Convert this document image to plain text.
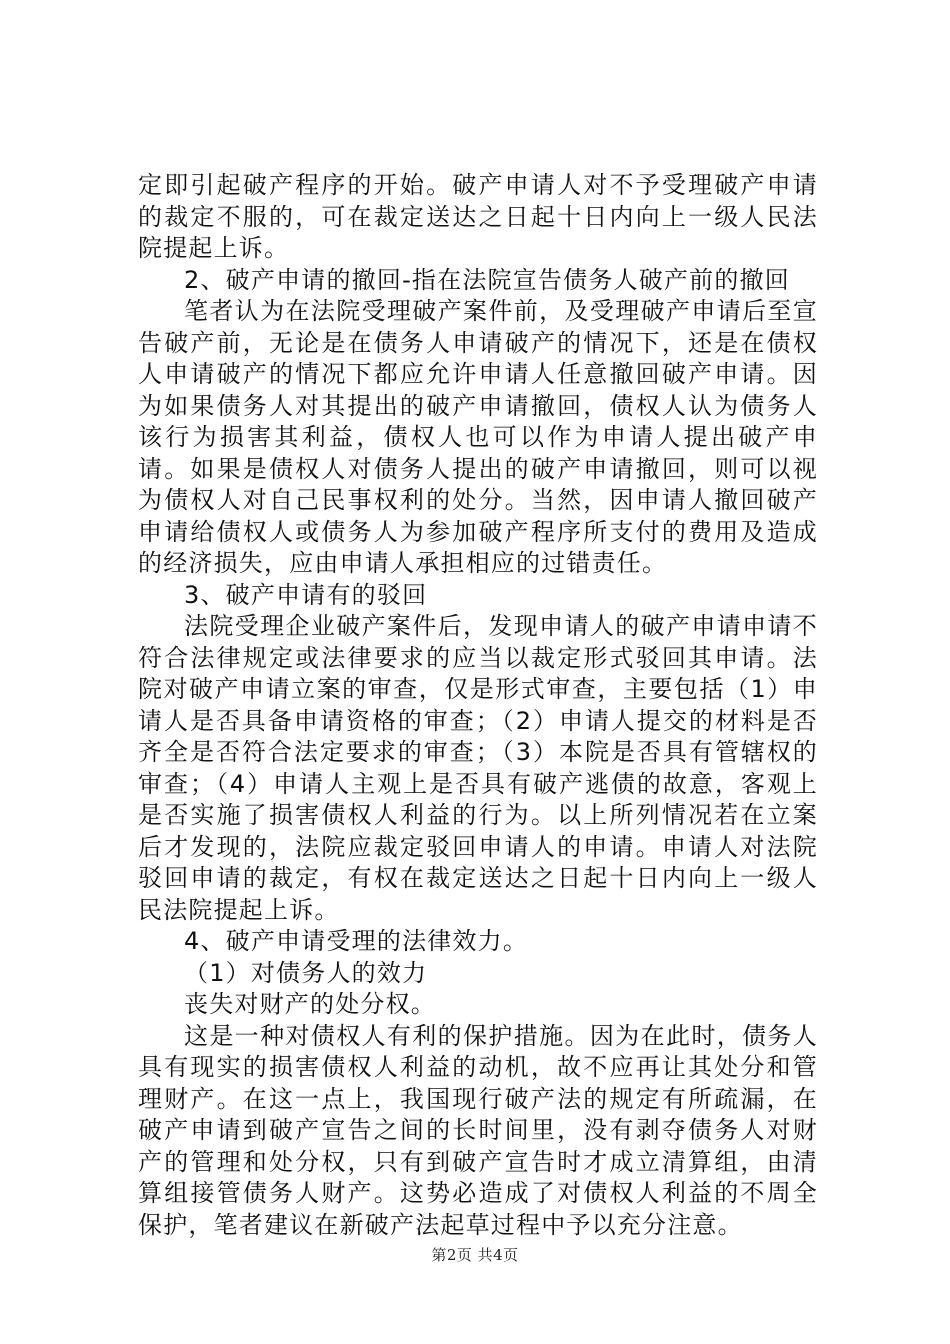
定即引起破产程序的开始。破产申请人对不予受理破产申请的裁定不服的，可在裁定送达之日起十日内向上一级人民法院提起上诉。

2、破产申请的撤回-指在法院宣告债务人破产前的撤回

笔者认为在法院受理破产案件前，及受理破产申请后至宣告破产前，无论是在债务人申请破产的情况下，还是在债权人申请破产的情况下都应允许申请人任意撤回破产申请。因为如果债务人对其提出的破产申请撤回，债权人认为债务人该行为损害其利益，债权人也可以作为申请人提出破产申请。如果是债权人对债务人提出的破产申请撤回，则可以视为债权人对自己民事权利的处分。当然，因申请人撤回破产申请给债权人或债务人为参加破产程序所支付的费用及造成的经济损失，应由申请人承担相应的过错责任。

3、破产申请有的驳回

法院受理企业破产案件后，发现申请人的破产申请申请不符合法律规定或法律要求的应当以裁定形式驳回其申请。法院对破产申请立案的审查，仅是形式审查，主要包括（1）申请人是否具备申请资格的审查；（2）申请人提交的材料是否齐全是否符合法定要求的审查；（3）本院是否具有管辖权的审查；（4）申请人主观上是否具有破产逃债的故意，客观上是否实施了损害债权人利益的行为。以上所列情况若在立案后才发现的，法院应裁定驳回申请人的申请。申请人对法院驳回申请的裁定，有权在裁定送达之日起十日内向上一级人民法院提起上诉。

4、破产申请受理的法律效力。

（1）对债务人的效力

丧失对财产的处分权。

这是一种对债权人有利的保护措施。因为在此时，债务人具有现实的损害债权人利益的动机，故不应再让其处分和管理财产。在这一点上，我国现行破产法的规定有所疏漏，在破产申请到破产宣告之间的长时间里，没有剥夺债务人对财产的管理和处分权，只有到破产宣告时才成立清算组，由清算组接管债务人财产。这势必造成了对债权人利益的不周全保护，笔者建议在新破产法起草过程中予以充分注意。

第2页 共4页
